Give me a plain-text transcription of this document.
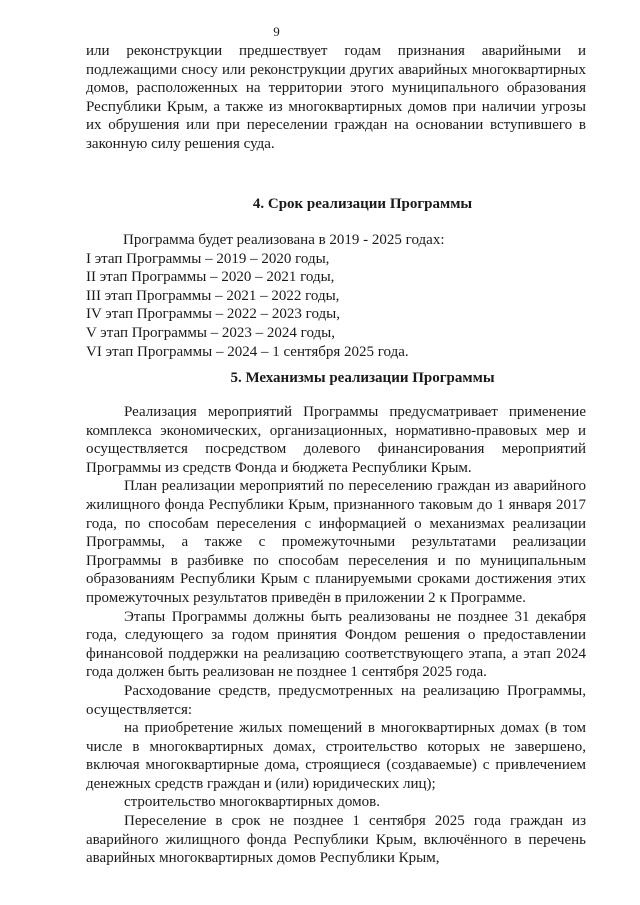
9

или реконструкции предшествует годам признания аварийными и подлежащими сносу или реконструкции других аварийных многоквартирных домов, расположенных на территории этого муниципального образования Республики Крым, а также из многоквартирных домов при наличии угрозы их обрушения или при переселении граждан на основании вступившего в законную силу решения суда.

4. Срок реализации Программы

Программа будет реализована в 2019 - 2025 годах:

I этап Программы – 2019 – 2020 годы,

II этап Программы – 2020 – 2021 годы,

III этап Программы – 2021 – 2022 годы,

IV этап Программы – 2022 – 2023 годы,

V этап Программы – 2023 – 2024 годы,

VI этап Программы – 2024 – 1 сентября 2025 года.

5. Механизмы реализации Программы

Реализация мероприятий Программы предусматривает применение комплекса экономических, организационных, нормативно-правовых мер и осуществляется посредством долевого финансирования мероприятий Программы из средств Фонда и бюджета Республики Крым.

План реализации мероприятий по переселению граждан из аварийного жилищного фонда Республики Крым, признанного таковым до 1 января 2017 года, по способам переселения с информацией о механизмах реализации Программы, а также с промежуточными результатами реализации Программы в разбивке по способам переселения и по муниципальным образованиям Республики Крым с планируемыми сроками достижения этих промежуточных результатов приведён в приложении 2 к Программе.

Этапы Программы должны быть реализованы не позднее 31 декабря года, следующего за годом принятия Фондом решения о предоставлении финансовой поддержки на реализацию соответствующего этапа, а этап 2024 года должен быть реализован не позднее 1 сентября 2025 года.

Расходование средств, предусмотренных на реализацию Программы, осуществляется:

на приобретение жилых помещений в многоквартирных домах (в том числе в многоквартирных домах, строительство которых не завершено, включая многоквартирные дома, строящиеся (создаваемые) с привлечением денежных средств граждан и (или) юридических лиц);

строительство многоквартирных домов.

Переселение в срок не позднее 1 сентября 2025 года граждан из аварийного жилищного фонда Республики Крым, включённого в перечень аварийных многоквартирных домов Республики Крым,
